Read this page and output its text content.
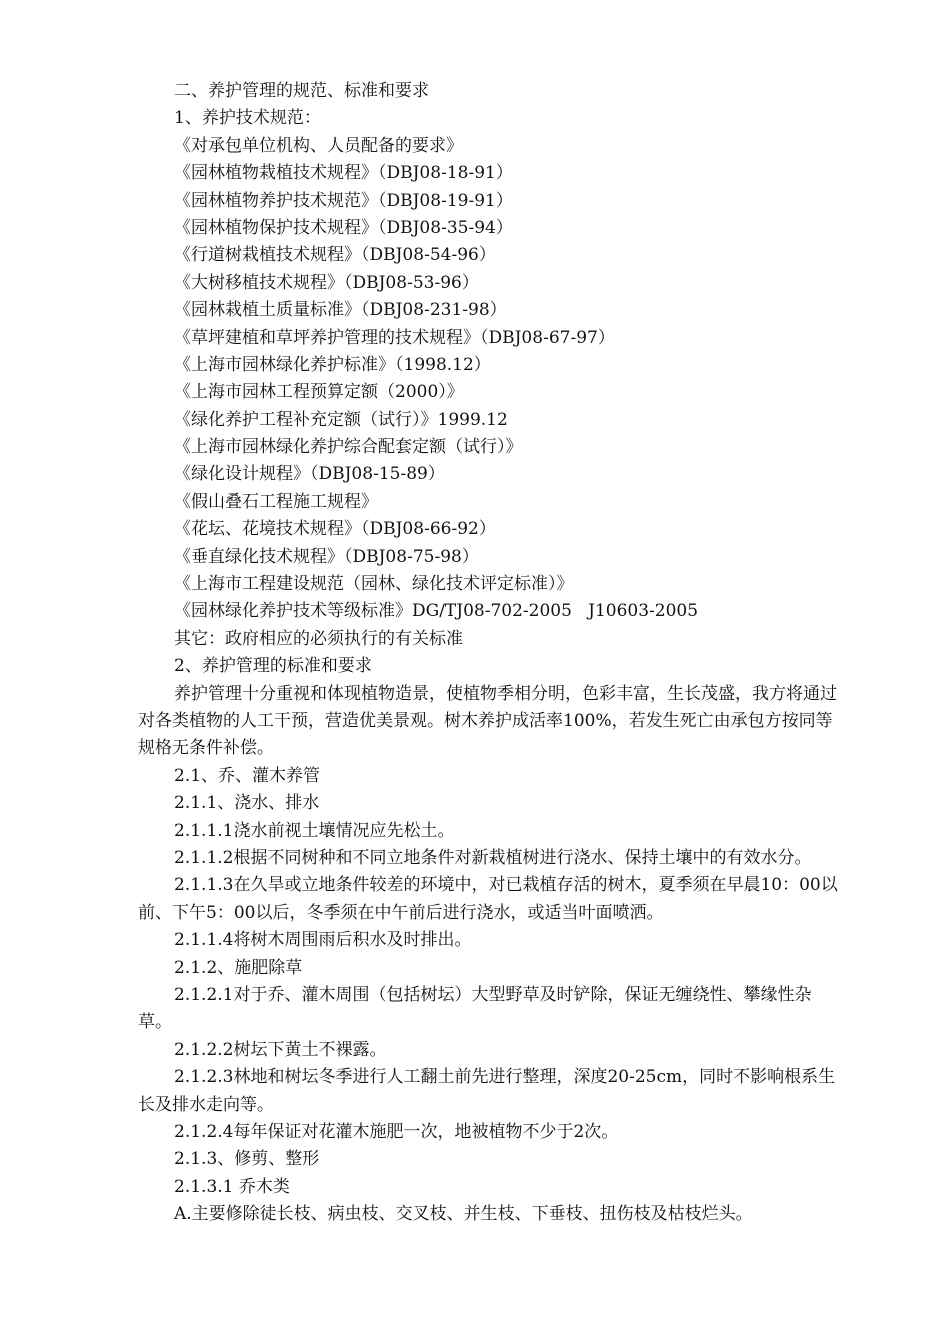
二、养护管理的规范、标准和要求
1、养护技术规范：
《对承包单位机构、人员配备的要求》
《园林植物栽植技术规程》（DBJ08-18-91）
《园林植物养护技术规范》（DBJ08-19-91）
《园林植物保护技术规程》（DBJ08-35-94）
《行道树栽植技术规程》（DBJ08-54-96）
《大树移植技术规程》（DBJ08-53-96）
《园林栽植土质量标准》（DBJ08-231-98）
《草坪建植和草坪养护管理的技术规程》（DBJ08-67-97）
《上海市园林绿化养护标准》（1998.12）
《上海市园林工程预算定额（2000）》
《绿化养护工程补充定额（试行）》1999.12
《上海市园林绿化养护综合配套定额（试行）》
《绿化设计规程》（DBJ08-15-89）
《假山叠石工程施工规程》
《花坛、花境技术规程》（DBJ08-66-92）
《垂直绿化技术规程》（DBJ08-75-98）
《上海市工程建设规范（园林、绿化技术评定标准）》
《园林绿化养护技术等级标准》DG/TJ08-702-2005   J10603-2005
其它：政府相应的必须执行的有关标准
2、养护管理的标准和要求
养护管理十分重视和体现植物造景，使植物季相分明，色彩丰富，生长茂盛，我方将通过对各类植物的人工干预，营造优美景观。树木养护成活率100%，若发生死亡由承包方按同等规格无条件补偿。
2.1、乔、灌木养管
2.1.1、浇水、排水
2.1.1.1浇水前视土壤情况应先松土。
2.1.1.2根据不同树种和不同立地条件对新栽植树进行浇水、保持土壤中的有效水分。
2.1.1.3在久旱或立地条件较差的环境中，对已栽植存活的树木，夏季须在早晨10：00以前、下午5：00以后，冬季须在中午前后进行浇水，或适当叶面喷洒。
2.1.1.4将树木周围雨后积水及时排出。
2.1.2、施肥除草
2.1.2.1对于乔、灌木周围（包括树坛）大型野草及时铲除，保证无缠绕性、攀缘性杂草。
2.1.2.2树坛下黄土不裸露。
2.1.2.3林地和树坛冬季进行人工翻土前先进行整理，深度20-25cm，同时不影响根系生长及排水走向等。
2.1.2.4每年保证对花灌木施肥一次，地被植物不少于2次。
2.1.3、修剪、整形
2.1.3.1 乔木类
A.主要修除徒长枝、病虫枝、交叉枝、并生枝、下垂枝、扭伤枝及枯枝烂头。
